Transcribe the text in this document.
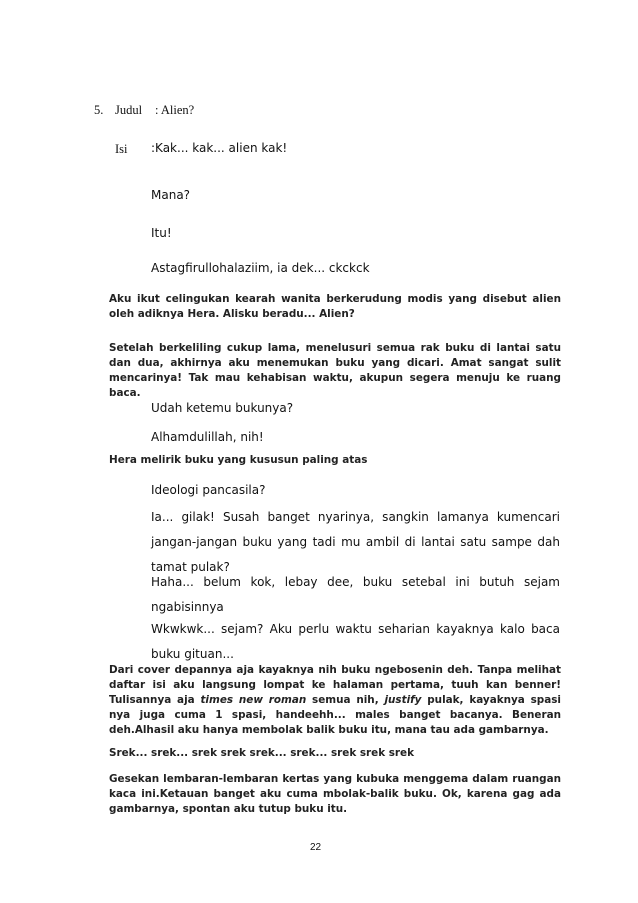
5. Judul : Alien?
Isi :Kak... kak... alien kak!
Mana?
Itu!
Astagfirullohalaziim, ia dek... ckckck
Aku ikut celingukan kearah wanita berkerudung modis yang disebut alien oleh adiknya Hera. Alisku beradu... Alien?
Setelah berkeliling cukup lama, menelusuri semua rak buku di lantai satu dan dua, akhirnya aku menemukan buku yang dicari. Amat sangat sulit mencarinya! Tak mau kehabisan waktu, akupun segera menuju ke ruang baca.
Udah ketemu bukunya?
Alhamdulillah, nih!
Hera melirik buku yang kususun paling atas
Ideologi pancasila?
Ia... gilak! Susah banget nyarinya, sangkin lamanya kumencari jangan-jangan buku yang tadi mu ambil di lantai satu sampe dah tamat pulak?
Haha... belum kok, lebay dee, buku setebal ini butuh sejam ngabisinnya
Wkwkwk... sejam? Aku perlu waktu seharian kayaknya kalo baca buku gituan...
Dari cover depannya aja kayaknya nih buku ngebosenin deh. Tanpa melihat daftar isi aku langsung lompat ke halaman pertama, tuuh kan benner! Tulisannya aja times new roman semua nih, justify pulak, kayaknya spasi nya juga cuma 1 spasi, handeehh... males banget bacanya. Beneran deh.Alhasil aku hanya membolak balik buku itu, mana tau ada gambarnya.
Srek... srek... srek srek srek... srek... srek srek srek
Gesekan lembaran-lembaran kertas yang kubuka menggema dalam ruangan kaca ini.Ketauan banget aku cuma mbolak-balik buku. Ok, karena gag ada gambarnya, spontan aku tutup buku itu.
22
